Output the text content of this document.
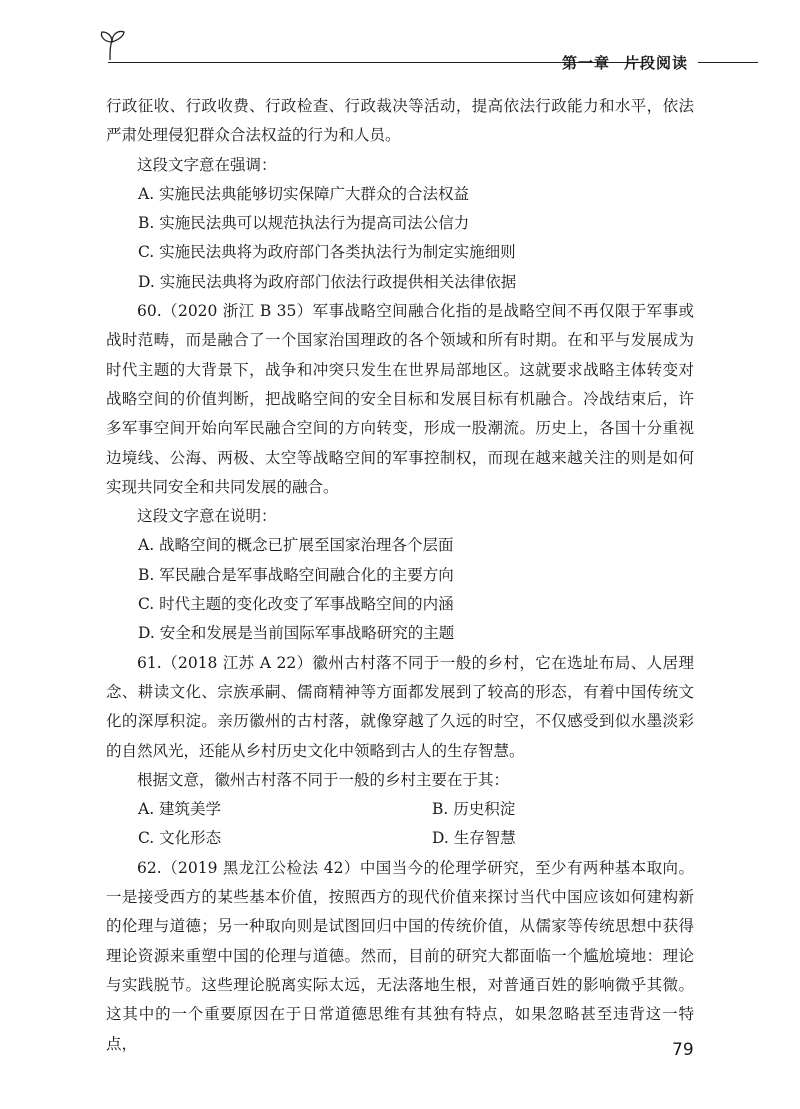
第一章 片段阅读

行政征收、行政收费、行政检查、行政裁决等活动，提高依法行政能力和水平，依法严肃处理侵犯群众合法权益的行为和人员。

这段文字意在强调：

A. 实施民法典能够切实保障广大群众的合法权益

B. 实施民法典可以规范执法行为提高司法公信力

C. 实施民法典将为政府部门各类执法行为制定实施细则

D. 实施民法典将为政府部门依法行政提供相关法律依据

60.（2020 浙江 B 35）军事战略空间融合化指的是战略空间不再仅限于军事或战时范畴，而是融合了一个国家治国理政的各个领域和所有时期。在和平与发展成为时代主题的大背景下，战争和冲突只发生在世界局部地区。这就要求战略主体转变对战略空间的价值判断，把战略空间的安全目标和发展目标有机融合。冷战结束后，许多军事空间开始向军民融合空间的方向转变，形成一股潮流。历史上，各国十分重视边境线、公海、两极、太空等战略空间的军事控制权，而现在越来越关注的则是如何实现共同安全和共同发展的融合。

这段文字意在说明：

A. 战略空间的概念已扩展至国家治理各个层面

B. 军民融合是军事战略空间融合化的主要方向

C. 时代主题的变化改变了军事战略空间的内涵

D. 安全和发展是当前国际军事战略研究的主题

61.（2018 江苏 A 22）徽州古村落不同于一般的乡村，它在选址布局、人居理念、耕读文化、宗族承嗣、儒商精神等方面都发展到了较高的形态，有着中国传统文化的深厚积淀。亲历徽州的古村落，就像穿越了久远的时空，不仅感受到似水墨淡彩的自然风光，还能从乡村历史文化中领略到古人的生存智慧。

根据文意，徽州古村落不同于一般的乡村主要在于其：

A. 建筑美学	B. 历史积淀
C. 文化形态	D. 生存智慧

62.（2019 黑龙江公检法 42）中国当今的伦理学研究，至少有两种基本取向。一是接受西方的某些基本价值，按照西方的现代价值来探讨当代中国应该如何建构新的伦理与道德；另一种取向则是试图回归中国的传统价值，从儒家等传统思想中获得理论资源来重塑中国的伦理与道德。然而，目前的研究大都面临一个尴尬境地：理论与实践脱节。这些理论脱离实际太远，无法落地生根，对普通百姓的影响微乎其微。这其中的一个重要原因在于日常道德思维有其独有特点，如果忽略甚至违背这一特点，	79
